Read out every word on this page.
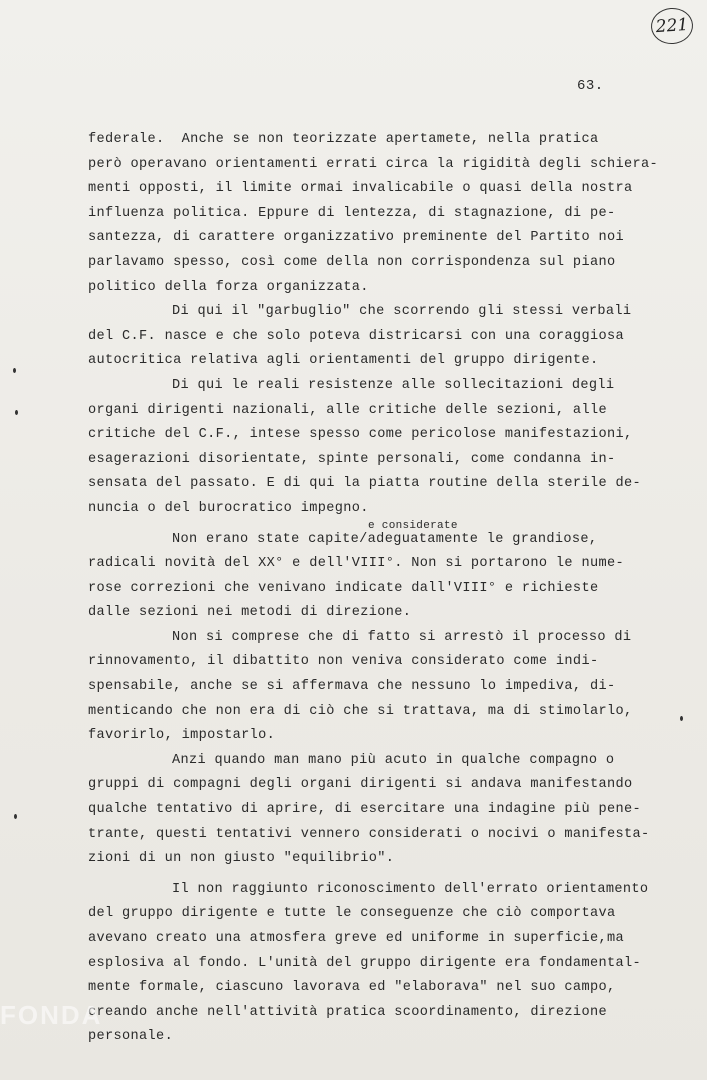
221
63.
e considerate
federale.  Anche se non teorizzate apertamete, nella pratica
però operavano orientamenti errati circa la rigidità degli schiera-
menti opposti, il limite ormai invalicabile o quasi della nostra
influenza politica. Eppure di lentezza, di stagnazione, di pe-
santezza, di carattere organizzativo preminente del Partito noi
parlavamo spesso, così come della non corrispondenza sul piano
politico della forza organizzata.
Di qui il "garbuglio" che scorrendo gli stessi verbali
del C.F. nasce e che solo poteva districarsi con una coraggiosa
autocritica relativa agli orientamenti del gruppo dirigente.
Di qui le reali resistenze alle sollecitazioni degli
organi dirigenti nazionali, alle critiche delle sezioni, alle
critiche del C.F., intese spesso come pericolose manifestazioni,
esagerazioni disorientate, spinte personali, come condanna in-
sensata del passato. E di qui la piatta routine della sterile de-
nuncia o del burocratico impegno.
Non erano state capite/adeguatamente le grandiose,
radicali novità del XX° e dell'VIII°. Non si portarono le nume-
rose correzioni che venivano indicate dall'VIII° e richieste
dalle sezioni nei metodi di direzione.
Non si comprese che di fatto si arrestò il processo di
rinnovamento, il dibattito non veniva considerato come indi-
spensabile, anche se si affermava che nessuno lo impediva, di-
menticando che non era di ciò che si trattava, ma di stimolarlo,
favorirlo, impostarlo.
Anzi quando man mano più acuto in qualche compagno o
gruppi di compagni degli organi dirigenti si andava manifestando
qualche tentativo di aprire, di esercitare una indagine più pene-
trante, questi tentativi vennero considerati o nocivi o manifesta-
zioni di un non giusto "equilibrio".
Il non raggiunto riconoscimento dell'errato orientamento
del gruppo dirigente e tutte le conseguenze che ciò comportava
avevano creato una atmosfera greve ed uniforme in superficie,ma
esplosiva al fondo. L'unità del gruppo dirigente era fondamental-
mente formale, ciascuno lavorava ed "elaborava" nel suo campo,
creando anche nell'attività pratica scoordinamento, direzione
personale.
FONDA
